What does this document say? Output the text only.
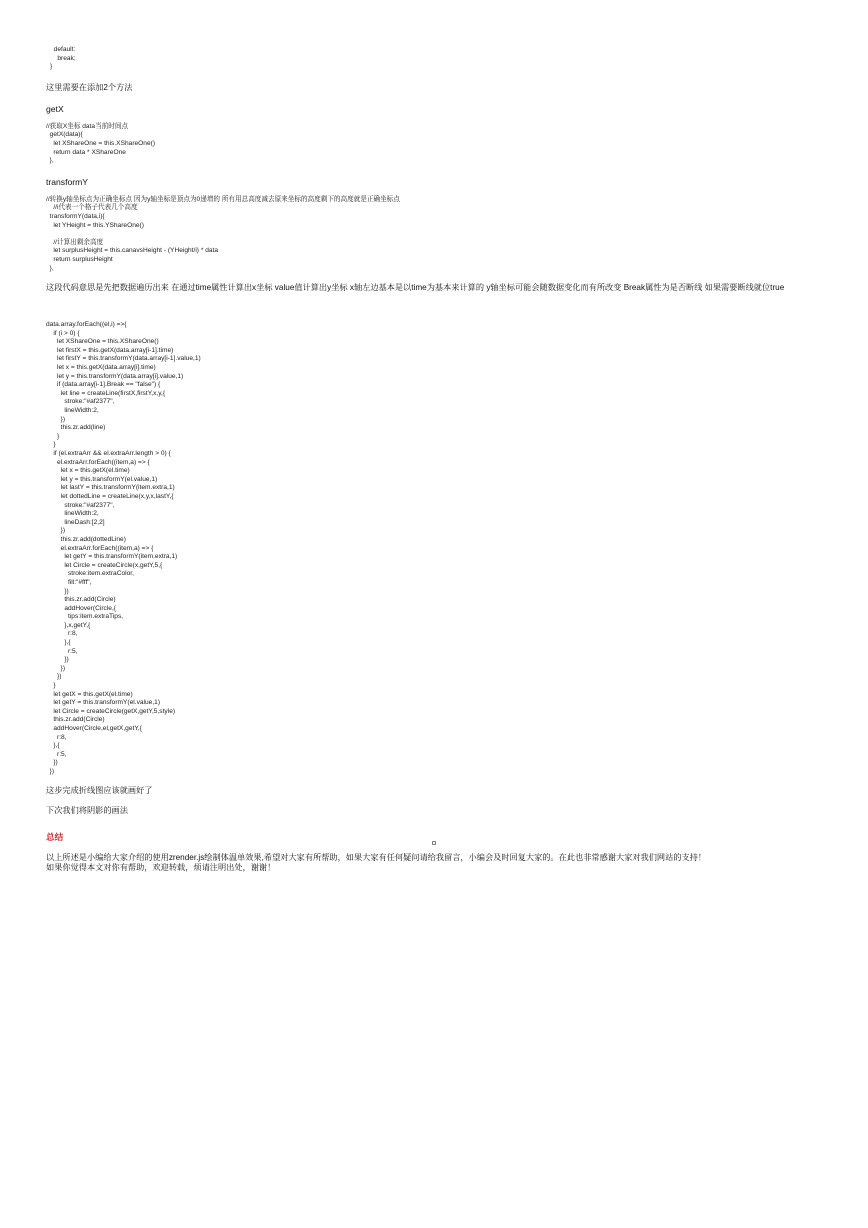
default:
break;
}

这里需要在添加2个方法

getX

//获取X坐标 data当前时间点
getX(data){
let XShareOne = this.XShareOne()
return data * XShareOne
},

transformY

//转换y轴坐标点为正确坐标点 因为y轴坐标是顶点为0递增的 所有用总高度减去原来坐标的高度剩下的高度就是正确坐标点
//i代表一个格子代表几个高度
transformY(data,i){
let YHeight = this.YShareOne()

//计算出剩余高度
let surplusHeight = this.canavsHeight - (YHeight/i) * data
return surplusHeight
},

这段代码意思是先把数据遍历出来 在通过time属性计算出x坐标 value值计算出y坐标 x轴左边基本是以time为基本来计算的 y轴坐标可能会随数据变化而有所改变 Break属性为是否断线 如果需要断线就位true

data.array.forEach((el,i) =>{
if (i > 0) {
let XShareOne = this.XShareOne()
let firstX = this.getX(data.array[i-1].time)
let firstY = this.transformY(data.array[i-1].value,1)
let x = this.getX(data.array[i].time)
let y = this.transformY(data.array[i].value,1)
if (data.array[i-1].Break == "false") {
let line = createLine(firstX,firstY,x,y,{
stroke:"#af2377",
lineWidth:2,
})
this.zr.add(line)
}
}
if (el.extraArr && el.extraArr.length > 0) {
el.extraArr.forEach((item,a) => {
let x = this.getX(el.time)
let y = this.transformY(el.value,1)
let lastY = this.transformY(item.extra,1)
let dottedLine = createLine(x,y,x,lastY,{
stroke:"#af2377",
lineWidth:2,
lineDash:[2,2]
})
this.zr.add(dottedLine)
el.extraArr.forEach((item,a) => {
let getY = this.transformY(item.extra,1)
let Circle = createCircle(x,getY,5,{
stroke:item.extraColor,
fill:"#fff",
})
this.zr.add(Circle)
addHover(Circle,{
tips:item.extraTips,
},x,getY,{
r:8,
},{
r:5,
})
})
})
}
let getX = this.getX(el.time)
let getY = this.transformY(el.value,1)
let Circle = createCircle(getX,getY,5,style)
this.zr.add(Circle)
addHover(Circle,el,getX,getY,{
r:8,
},{
r:5,
})
})

这步完成折线图应该就画好了

下次我们将阴影的画法

总结

以上所述是小编给大家介绍的使用zrender.js绘制体温单效果,希望对大家有所帮助，如果大家有任何疑问请给我留言，小编会及时回复大家的。在此也非常感谢大家对我们网站的支持！

如果你觉得本文对你有帮助，欢迎转载，烦请注明出处，谢谢！
